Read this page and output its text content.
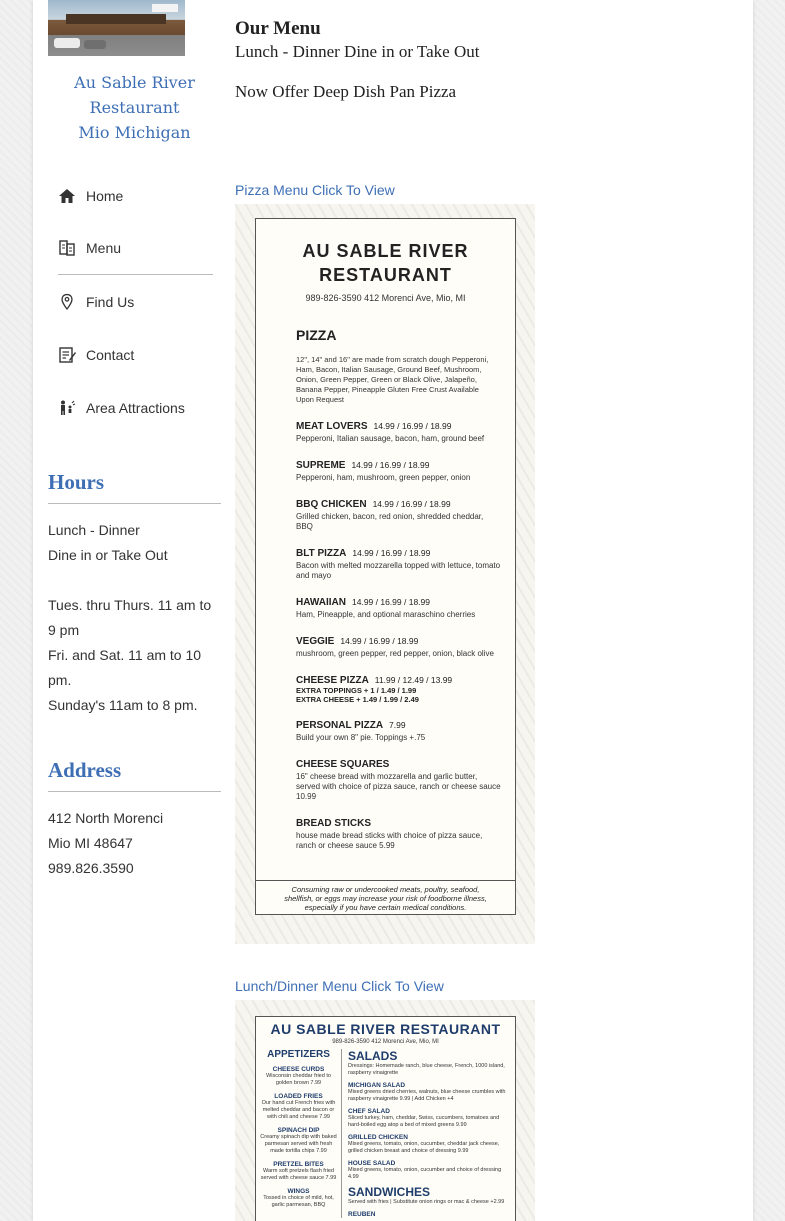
Au Sable River
Restaurant
Mio Michigan
Home
Menu
Find Us
Contact
Area Attractions
Hours
Lunch - Dinner
Dine in or Take Out
Tues. thru Thurs. 11 am to 9 pm
Fri. and Sat. 11 am to 10 pm.
Sunday's 11am to 8 pm.
Address
412 North Morenci
Mio MI 48647
989.826.3590
Our Menu
Lunch - Dinner Dine in or Take Out
Now Offer Deep Dish Pan Pizza
Pizza Menu Click To View
AU SABLE RIVER
RESTAURANT
989-826-3590 412 Morenci Ave, Mio, MI
PIZZA
12", 14" and 16" are made from scratch dough Pepperoni, Ham, Bacon, Italian Sausage, Ground Beef, Mushroom, Onion, Green Pepper, Green or Black Olive, Jalapeño, Banana Pepper, Pineapple Gluten Free Crust Available Upon Request
MEAT LOVERS 14.99 / 16.99 / 18.99
Pepperoni, Italian sausage, bacon, ham, ground beef
SUPREME 14.99 / 16.99 / 18.99
Pepperoni, ham, mushroom, green pepper, onion
BBQ CHICKEN 14.99 / 16.99 / 18.99
Grilled chicken, bacon, red onion, shredded cheddar, BBQ
BLT PIZZA 14.99 / 16.99 / 18.99
Bacon with melted mozzarella topped with lettuce, tomato and mayo
HAWAIIAN 14.99 / 16.99 / 18.99
Ham, Pineapple, and optional maraschino cherries
VEGGIE 14.99 / 16.99 / 18.99
mushroom, green pepper, red pepper, onion, black olive
CHEESE PIZZA 11.99 / 12.49 / 13.99
EXTRA TOPPINGS + 1 / 1.49 / 1.99
EXTRA CHEESE + 1.49 / 1.99 / 2.49
PERSONAL PIZZA 7.99
Build your own 8" pie. Toppings +.75
CHEESE SQUARES
16" cheese bread with mozzarella and garlic butter, served with choice of pizza sauce, ranch or cheese sauce 10.99
BREAD STICKS
house made bread sticks with choice of pizza sauce, ranch or cheese sauce 5.99
Consuming raw or undercooked meats, poultry, seafood, shellfish, or eggs may increase your risk of foodborne illness, especially if you have certain medical conditions.
Lunch/Dinner Menu Click To View
AU SABLE RIVER RESTAURANT
989-826-3590 412 Morenci Ave, Mio, MI
APPETIZERS
CHEESE CURDS
Wisconsin cheddar fried to golden brown 7.99
LOADED FRIES
Our hand cut French fries with melted cheddar and bacon or with chili and cheese 7.99
SPINACH DIP
Creamy spinach dip with baked parmesan served with fresh made tortilla chips 7.99
PRETZEL BITES
Warm soft pretzels flash fried served with cheese sauce 7.99
WINGS
Tossed in choice of mild, hot, garlic parmesan, BBQ
SALADS
Dressings: Homemade ranch, blue cheese, French, 1000 island, raspberry vinaigrette
MICHIGAN SALAD
Mixed greens dried cherries, walnuts, blue cheese crumbles with raspberry vinaigrette 9.99 | Add Chicken +4
CHEF SALAD
Sliced turkey, ham, cheddar, Swiss, cucumbers, tomatoes and hard-boiled egg atop a bed of mixed greens 9.99
GRILLED CHICKEN
Mixed greens, tomato, onion, cucumber, cheddar jack cheese, grilled chicken breast and choice of dressing 9.99
HOUSE SALAD
Mixed greens, tomato, onion, cucumber and choice of dressing 4.99
SANDWICHES
Served with fries | Substitute onion rings or mac & cheese +2.99
REUBEN
